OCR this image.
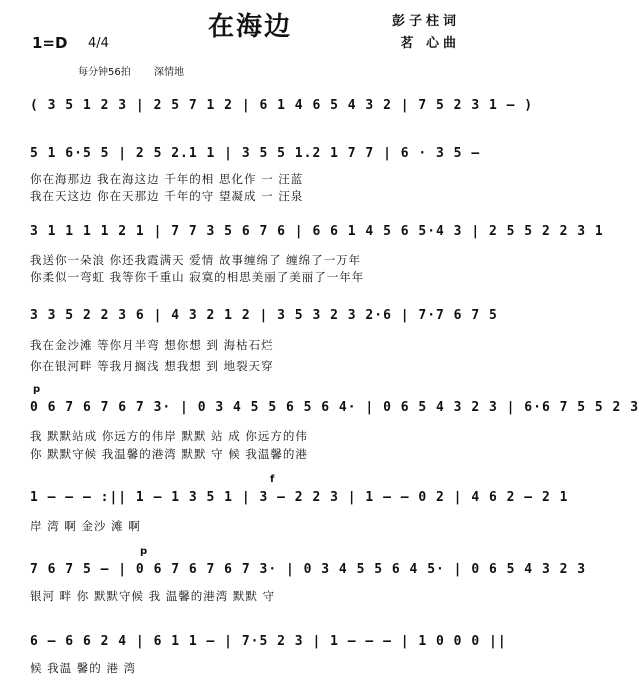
在海边	彭子柱词
茗 心曲
1=D 4/4
每分钟56拍 深情地
( 3 5 1 2 3 | 2 5 7 1 2 | 6 1 4 6 5 4 3 2 | 7 5 2 3 1 — )
5 1 6·5 5 | 2 5 2.1 1 | 3 5 5 1.2 1 7 7 | 6 · 3 5 —
你在海那边 我在海这边 千年的相 思化作 一 汪蓝
我在天这边 你在天那边 千年的守 望凝成 一 汪泉
3 1 1 1 1 2 1 | 7 7 3 5 6 7 6 | 6 6 1 4 5 6 5·4 3 | 2 5 5 2 2 3 1
我送你一朵浪 你还我霞满天 爱情 故事缠绵了 缠绵了一万年
你柔似一弯虹 我等你千重山 寂寞的相思美丽了美丽了一年年
3 3 5 2 2 3 6 | 4 3 2 1 2 | 3 5 3 2 3 2·6 | 7·7 6 7 5
我在金沙滩 等你月半弯 想你想 到 海枯石烂
你在银河畔 等我月搁浅 想我想 到 地裂天穿
p
0 6 7 6 7 6 7 3· | 0 3 4 5 5 6 5 6 4· | 0 6 5 4 3 2 3 | 6·6 7 5 5 2 3
我 默默站成 你远方的伟岸 默默 站 成 你远方的伟
你 默默守候 我温馨的港湾 默默 守 候 我温馨的港
f
1 — — — :|| 1 — 1 3 5 1 | 3 — 2 2 3 | 1 — — 0 2 | 4 6 2 — 2 1
岸 湾 啊 金沙 滩 啊
p
7 6 7 5 — | 0 6 7 6 7 6 7 3· | 0 3 4 5 5 6 4 5· | 0 6 5 4 3 2 3
银河 畔 你 默默守候 我 温馨的港湾 默默 守
6 — 6 6 2 4 | 6 1 1 — | 7·5 2 3 | 1 — — — | 1 0 0 0 ||
候 我温 馨的 港 湾
